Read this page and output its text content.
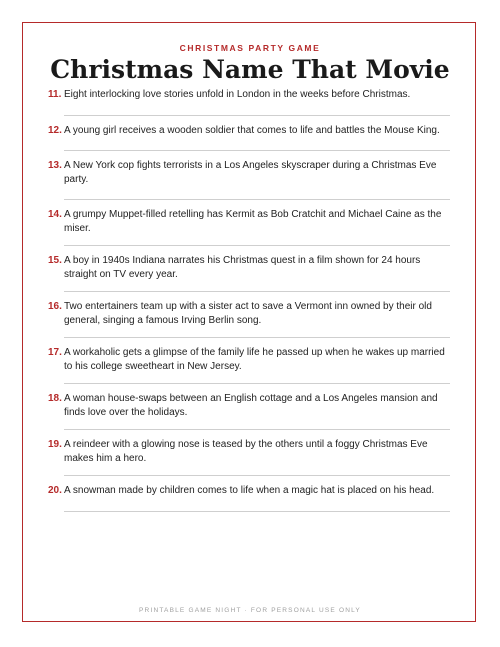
CHRISTMAS PARTY GAME
Christmas Name That Movie
11. Eight interlocking love stories unfold in London in the weeks before Christmas.
12. A young girl receives a wooden soldier that comes to life and battles the Mouse King.
13. A New York cop fights terrorists in a Los Angeles skyscraper during a Christmas Eve party.
14. A grumpy Muppet-filled retelling has Kermit as Bob Cratchit and Michael Caine as the miser.
15. A boy in 1940s Indiana narrates his Christmas quest in a film shown for 24 hours straight on TV every year.
16. Two entertainers team up with a sister act to save a Vermont inn owned by their old general, singing a famous Irving Berlin song.
17. A workaholic gets a glimpse of the family life he passed up when he wakes up married to his college sweetheart in New Jersey.
18. A woman house-swaps between an English cottage and a Los Angeles mansion and finds love over the holidays.
19. A reindeer with a glowing nose is teased by the others until a foggy Christmas Eve makes him a hero.
20. A snowman made by children comes to life when a magic hat is placed on his head.
PRINTABLE GAME NIGHT · FOR PERSONAL USE ONLY
